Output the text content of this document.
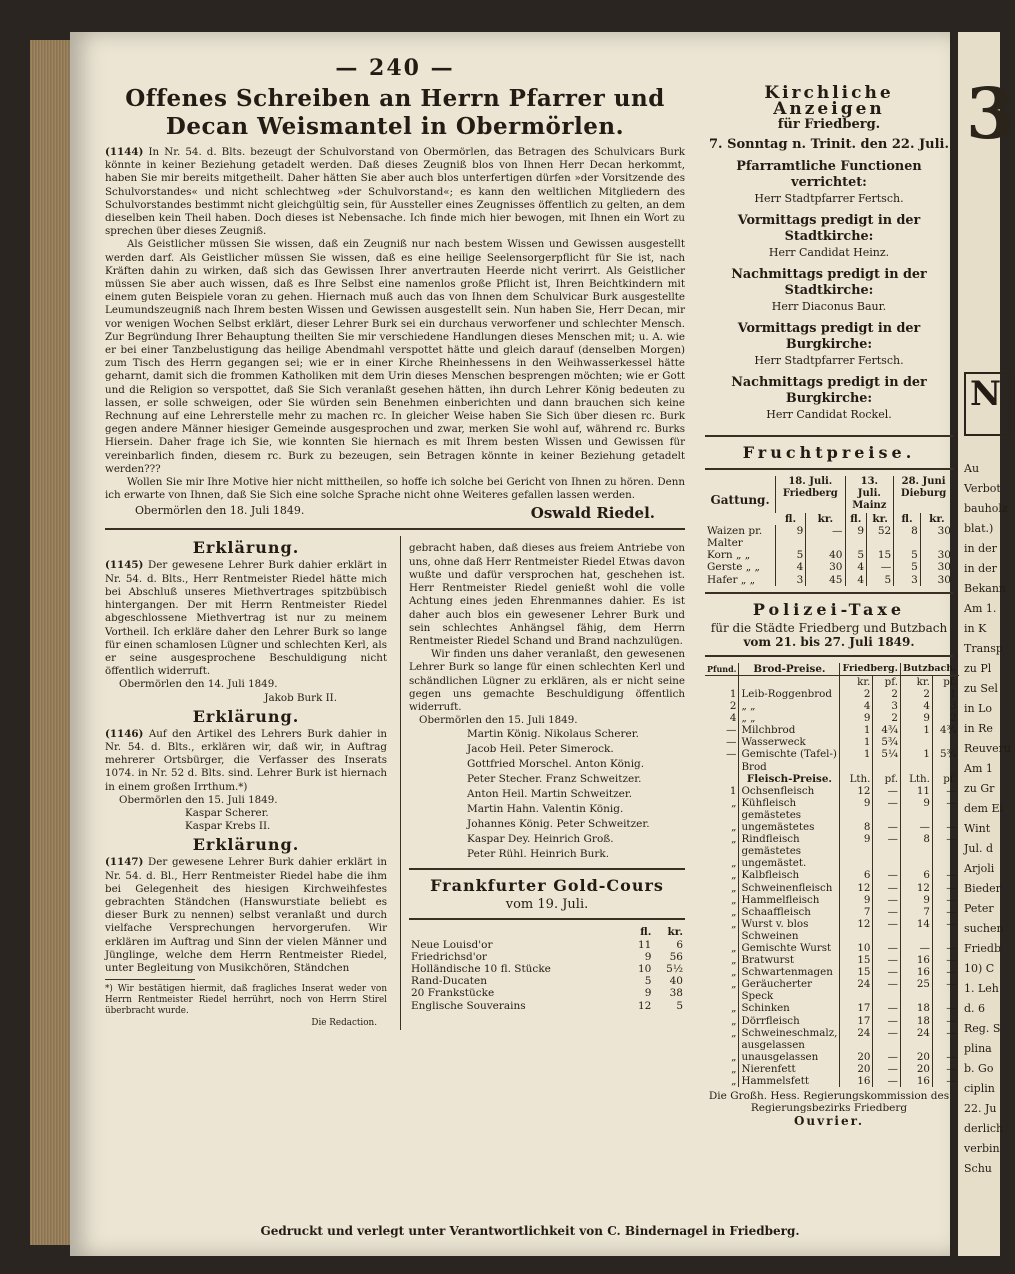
3
N
Au
Verbot
bauholz
blat.)
in der
in der
Bekann
Am 1.
in K
Transp
zu Pl
zu Sel
in Lo
in Re
Reuveru
Am 1
zu Gr
dem Ei
Wint
Jul. d
Arjoli
Bieder
Peter
suchen
Friedb
10) C
1. Leh
d. 6
Reg. S
plina
b. Go
ciplin
22. Ju
derlich
verbin
Schu
— 240 —
Offenes Schreiben an Herrn Pfarrer und Decan Weismantel in Obermörlen.

(1144) In Nr. 54. d. Blts. bezeugt der Schulvorstand von Obermörlen, das Betragen des Schulvicars Burk könnte in keiner Beziehung getadelt werden. Daß dieses Zeugniß blos von Ihnen Herr Decan herkommt, haben Sie mir bereits mitgetheilt. Daher hätten Sie aber auch blos unterfertigen dürfen »der Vorsitzende des Schulvorstandes« und nicht schlechtweg »der Schulvorstand«; es kann den weltlichen Mitgliedern des Schulvorstandes bestimmt nicht gleichgültig sein, für Aussteller eines Zeugnisses öffentlich zu gelten, an dem dieselben kein Theil haben. Doch dieses ist Nebensache. Ich finde mich hier bewogen, mit Ihnen ein Wort zu sprechen über dieses Zeugniß.

Als Geistlicher müssen Sie wissen, daß ein Zeugniß nur nach bestem Wissen und Gewissen ausgestellt werden darf. Als Geistlicher müssen Sie wissen, daß es eine heilige Seelensorgerpflicht für Sie ist, nach Kräften dahin zu wirken, daß sich das Gewissen Ihrer anvertrauten Heerde nicht verirrt. Als Geistlicher müssen Sie aber auch wissen, daß es Ihre Selbst eine namenlos große Pflicht ist, Ihren Beichtkindern mit einem guten Beispiele voran zu gehen. Hiernach muß auch das von Ihnen dem Schulvicar Burk ausgestellte Leumundszeugniß nach Ihrem besten Wissen und Gewissen ausgestellt sein. Nun haben Sie, Herr Decan, mir vor wenigen Wochen Selbst erklärt, dieser Lehrer Burk sei ein durchaus verworfener und schlechter Mensch. Zur Begründung Ihrer Behauptung theilten Sie mir verschiedene Handlungen dieses Menschen mit; u. A. wie er bei einer Tanzbelustigung das heilige Abendmahl verspottet hätte und gleich darauf (denselben Morgen) zum Tisch des Herrn gegangen sei; wie er in einer Kirche Rheinhessens in den Weihwasserkessel hätte geharnt, damit sich die frommen Katholiken mit dem Urin dieses Menschen besprengen möchten; wie er Gott und die Religion so verspottet, daß Sie Sich veranlaßt gesehen hätten, ihn durch Lehrer König bedeuten zu lassen, er solle schweigen, oder Sie würden sein Benehmen einberichten und dann brauchen sich keine Rechnung auf eine Lehrerstelle mehr zu machen rc. In gleicher Weise haben Sie Sich über diesen rc. Burk gegen andere Männer hiesiger Gemeinde ausgesprochen und zwar, merken Sie wohl auf, während rc. Burks Hiersein. Daher frage ich Sie, wie konnten Sie hiernach es mit Ihrem besten Wissen und Gewissen für vereinbarlich finden, diesem rc. Burk zu bezeugen, sein Betragen könnte in keiner Beziehung getadelt werden???

Wollen Sie mir Ihre Motive hier nicht mittheilen, so hoffe ich solche bei Gericht von Ihnen zu hören. Denn ich erwarte von Ihnen, daß Sie Sich eine solche Sprache nicht ohne Weiteres gefallen lassen werden.

Obermörlen den 18. Juli 1849.	Oswald Riedel.
Erklärung.

(1145) Der gewesene Lehrer Burk dahier erklärt in Nr. 54. d. Blts., Herr Rentmeister Riedel hätte mich bei Abschluß unseres Miethvertrages spitzbübisch hintergangen. Der mit Herrn Rentmeister Riedel abgeschlossene Miethvertrag ist nur zu meinem Vortheil. Ich erkläre daher den Lehrer Burk so lange für einen schamlosen Lügner und schlechten Kerl, als er seine ausgesprochene Beschuldigung nicht öffentlich widerruft.

Obermörlen den 14. Juli 1849.

Jakob Burk II.

Erklärung.

(1146) Auf den Artikel des Lehrers Burk dahier in Nr. 54. d. Blts., erklären wir, daß wir, in Auftrag mehrerer Ortsbürger, die Verfasser des Inserats 1074. in Nr. 52 d. Blts. sind. Lehrer Burk ist hiernach in einem großen Irrthum.*)

Obermörlen den 15. Juli 1849.

Kaspar Scherer.

Kaspar Krebs II.

Erklärung.

(1147) Der gewesene Lehrer Burk dahier erklärt in Nr. 54. d. Bl., Herr Rentmeister Riedel habe die ihm bei Gelegenheit des hiesigen Kirchweihfestes gebrachten Ständchen (Hanswurstiate beliebt es dieser Burk zu nennen) selbst veranlaßt und durch vielfache Versprechungen hervorgerufen. Wir erklären im Auftrag und Sinn der vielen Männer und Jünglinge, welche dem Herrn Rentmeister Riedel, unter Begleitung von Musikchören, Ständchen

*) Wir bestätigen hiermit, daß fragliches Inserat weder von Herrn Rentmeister Riedel herrührt, noch von Herrn Stirel überbracht wurde.

Die Redaction.

gebracht haben, daß dieses aus freiem Antriebe von uns, ohne daß Herr Rentmeister Riedel Etwas davon wußte und dafür versprochen hat, geschehen ist. Herr Rentmeister Riedel genießt wohl die volle Achtung eines jeden Ehrenmannes dahier. Es ist daher auch blos ein gewesener Lehrer Burk und sein schlechtes Anhängsel fähig, dem Herrn Rentmeister Riedel Schand und Brand nachzulügen.

Wir finden uns daher veranlaßt, den gewesenen Lehrer Burk so lange für einen schlechten Kerl und schändlichen Lügner zu erklären, als er nicht seine gegen uns gemachte Beschuldigung öffentlich widerruft.

Obermörlen den 15. Juli 1849.

Martin König. Nikolaus Scherer.
Jacob Heil. Peter Simerock.
Gottfried Morschel. Anton König.
Peter Stecher. Franz Schweitzer.
Anton Heil. Martin Schweitzer.
Martin Hahn. Valentin König.
Johannes König. Peter Schweitzer.
Kaspar Dey. Heinrich Groß.
Peter Rühl. Heinrich Burk.
Frankfurter Gold-Cours
vom 19. Juli.
	fl.	kr.
Neue Louisd'or	11	6
Friedrichsd'or	9	56
Holländische 10 fl. Stücke	10	5½
Rand-Ducaten	5	40
20 Frankstücke	9	38
Englische Souverains	12	5
Kirchliche Anzeigen
für Friedberg.
7. Sonntag n. Trinit. den 22. Juli.
Pfarramtliche Functionen verrichtet:
Herr Stadtpfarrer Fertsch.
Vormittags predigt in der Stadtkirche:
Herr Candidat Heinz.
Nachmittags predigt in der Stadtkirche:
Herr Diaconus Baur.
Vormittags predigt in der Burgkirche:
Herr Stadtpfarrer Fertsch.
Nachmittags predigt in der Burgkirche:
Herr Candidat Rockel.
Fruchtpreise.
Gattung.	18. Juli. Friedberg		13. Juli. Mainz		28. Juni Dieburg	
	fl.	kr.	fl.	kr.	fl.	kr.
Waizen pr. Malter	9	—	9	52	8	30
Korn „ „	5	40	5	15	5	30
Gerste „ „	4	30	4	—	5	30
Hafer „ „	3	45	4	5	3	30
Polizei-Taxe
für die Städte Friedberg und Butzbach
vom 21. bis 27. Juli 1849.
Pfund.	Brod-Preise.	Friedberg.		Butzbach.	
		kr.	pf.	kr.	pf.
1	Leib-Roggenbrod	2	2	2	1
2	„ „	4	3	4	3
4	„ „	9	2	9	2
—	Milchbrod	1	4¾	1	4¾
—	Wasserweck	1	5¾		
—	Gemischte (Tafel-) Brod	1	5¼	1	5¾
	Fleisch-Preise.	Lth.	pf.	Lth.	pf.
1	Ochsenfleisch	12	—	11	—
„	Kühfleisch gemästetes	9	—	9	—
„	ungemästetes	8	—	—	—
„	Rindfleisch gemästetes	9	—	8	—
„	ungemästet.				
„	Kalbfleisch	6	—	6	—
„	Schweinenfleisch	12	—	12	—
„	Hammelfleisch	9	—	9	—
„	Schaaffleisch	7	—	7	—
„	Wurst v. blos Schweinen	12	—	14	—
„	Gemischte Wurst	10	—	—	—
„	Bratwurst	15	—	16	—
„	Schwartenmagen	15	—	16	—
„	Geräucherter Speck	24	—	25	—
„	Schinken	17	—	18	—
„	Dörrfleisch	17	—	18	—
„	Schweineschmalz, ausgelassen	24	—	24	—
„	unausgelassen	20	—	20	—
„	Nierenfett	20	—	20	—
„	Hammelsfett	16	—	16	—
Die Großh. Hess. Regierungskommission des Regierungsbezirks Friedberg
Ouvrier.
Gedruckt und verlegt unter Verantwortlichkeit von C. Bindernagel in Friedberg.
